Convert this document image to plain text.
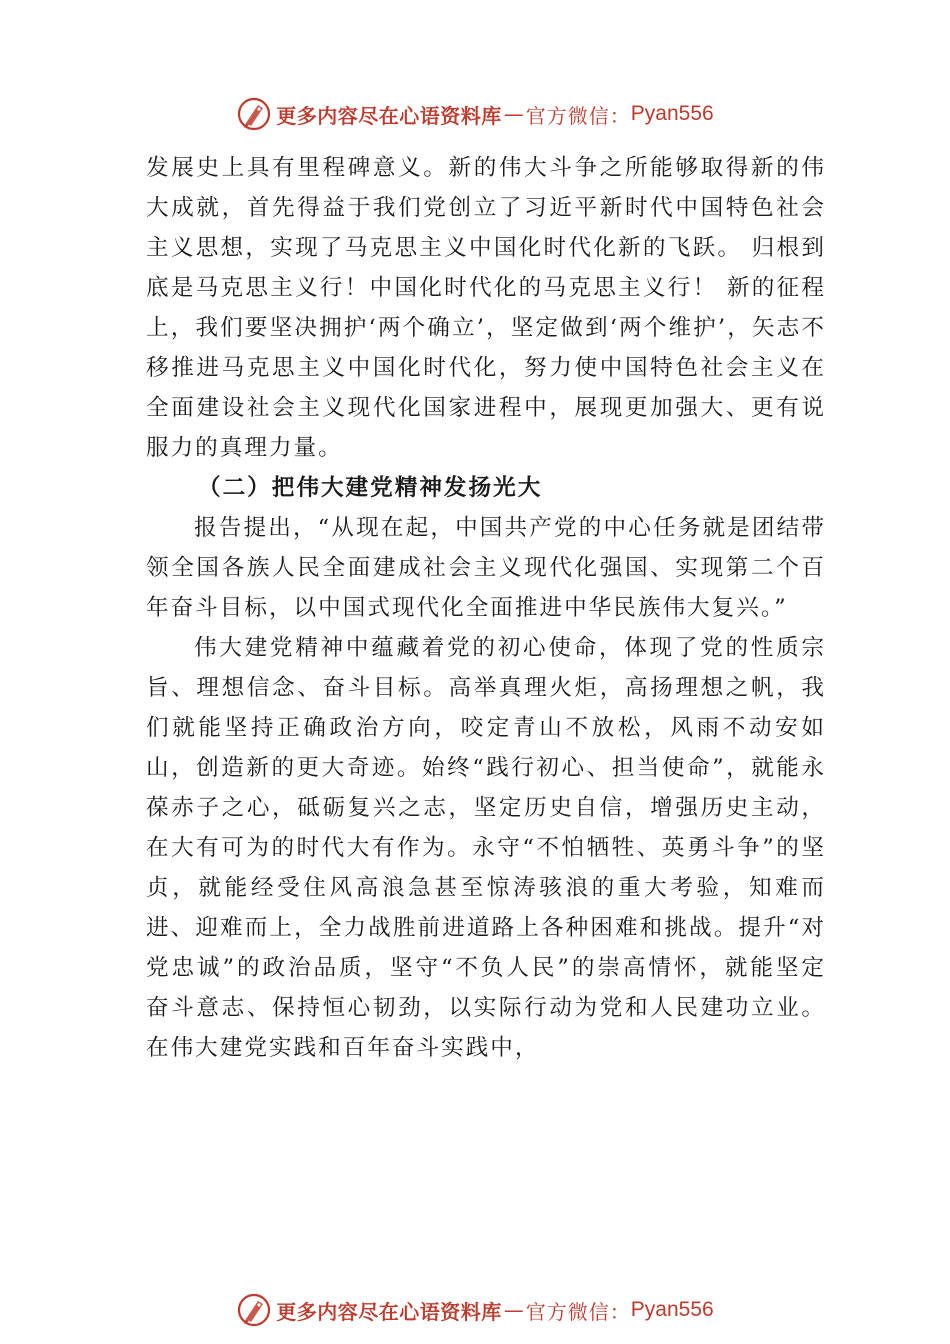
更多内容尽在心语资料库 — 官方微信： Pyan556

发展史上具有里程碑意义。新的伟大斗争之所能够取得新的伟大成就，首先得益于我们党创立了习近平新时代中国特色社会主义思想，实现了马克思主义中国化时代化新的飞跃。 归根到底是马克思主义行！中国化时代化的马克思主义行！ 新的征程上，我们要坚决拥护‘两个确立’，坚定做到‘两个维护’，矢志不移推进马克思主义中国化时代化，努力使中国特色社会主义在全面建设社会主义现代化国家进程中，展现更加强大、更有说服力的真理力量。

（二）把伟大建党精神发扬光大

报告提出，“从现在起，中国共产党的中心任务就是团结带领全国各族人民全面建成社会主义现代化强国、实现第二个百年奋斗目标，以中国式现代化全面推进中华民族伟大复兴。”

伟大建党精神中蕴藏着党的初心使命，体现了党的性质宗旨、理想信念、奋斗目标。高举真理火炬，高扬理想之帆，我们就能坚持正确政治方向，咬定青山不放松，风雨不动安如山，创造新的更大奇迹。始终“践行初心、担当使命”，就能永葆赤子之心，砥砺复兴之志，坚定历史自信，增强历史主动，在大有可为的时代大有作为。永守“不怕牺牲、英勇斗争”的坚贞，就能经受住风高浪急甚至惊涛骇浪的重大考验，知难而进、迎难而上，全力战胜前进道路上各种困难和挑战。提升“对党忠诚”的政治品质，坚守“不负人民”的崇高情怀，就能坚定奋斗意志、保持恒心韧劲，以实际行动为党和人民建功立业。在伟大建党实践和百年奋斗实践中，

更多内容尽在心语资料库 — 官方微信： Pyan556
